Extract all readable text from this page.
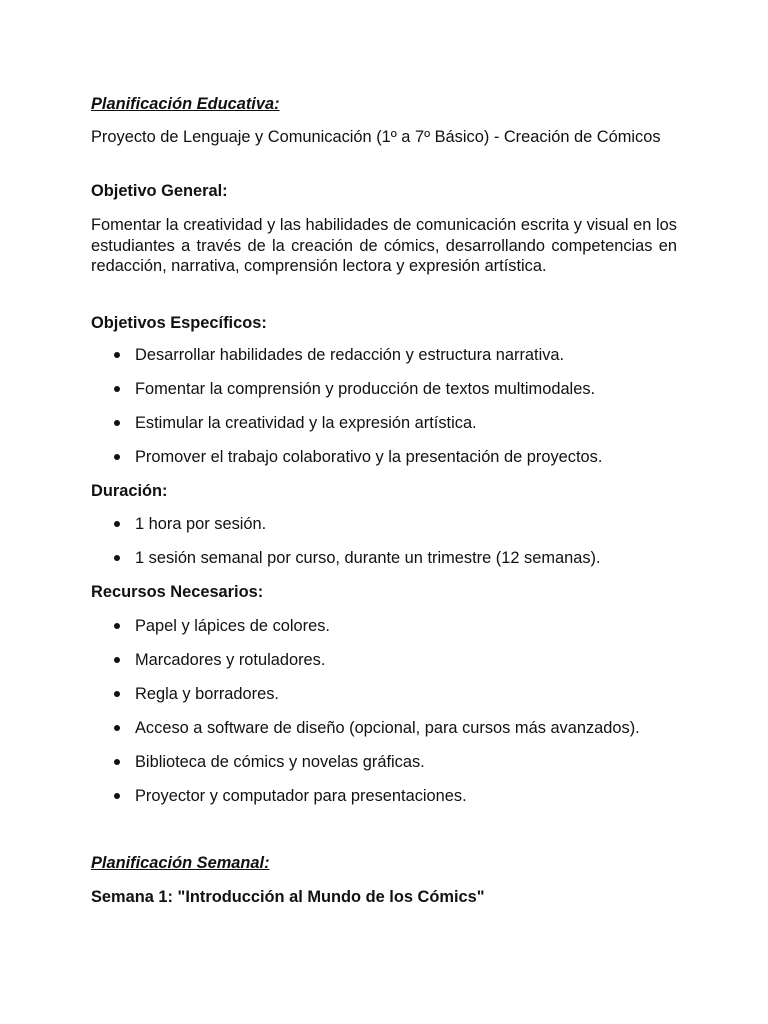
Planificación Educativa:
Proyecto de Lenguaje y Comunicación (1º a 7º Básico) - Creación de Cómicos
Objetivo General:
Fomentar la creatividad y las habilidades de comunicación escrita y visual en los estudiantes a través de la creación de cómics, desarrollando competencias en redacción, narrativa, comprensión lectora y expresión artística.
Objetivos Específicos:
Desarrollar habilidades de redacción y estructura narrativa.
Fomentar la comprensión y producción de textos multimodales.
Estimular la creatividad y la expresión artística.
Promover el trabajo colaborativo y la presentación de proyectos.
Duración:
1 hora por sesión.
1 sesión semanal por curso, durante un trimestre (12 semanas).
Recursos Necesarios:
Papel y lápices de colores.
Marcadores y rotuladores.
Regla y borradores.
Acceso a software de diseño (opcional, para cursos más avanzados).
Biblioteca de cómics y novelas gráficas.
Proyector y computador para presentaciones.
Planificación Semanal:
Semana 1: "Introducción al Mundo de los Cómics"
